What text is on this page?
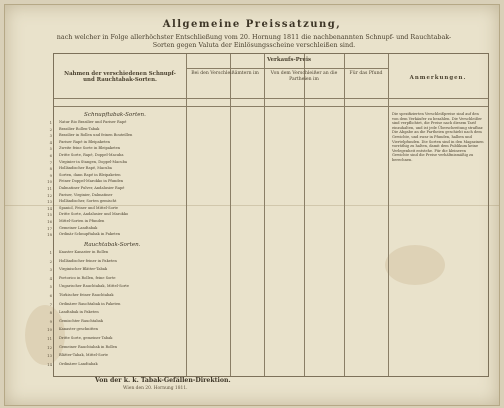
Allgemeine Preissatzung,
nach welcher in Folge allerhöchster Entschließung vom 20. Hornung 1811 die nachbenannten Schnupf- und Rauchtabak-Sorten gegen Valuta der Einlösungsscheine verschleißen sind.
Nahmen der verschiedenen Schnupf- und Rauchtabak-Sorten.
Verkaufs-Preis
Bei den Verschleißämtern im	Von dem Verschleißer an die Partheien im
Für das Pfund
Anmerkungen.
Schnupftabak-Sorten.
1 Natur Rio Brasilier und Pariser Rapé
2 Brasilier Rollen-Tabak
3 Brasilier in Rollen und feinen Bouteillen
4 Pariser Rapé in Bleipaketen
5 Zweite feine Sorte in Bleipaketen
6 Dritte Sorte, Rapé, Doppel-Macuba
7 Virginier in Stangen, Doppel-Macuba
8 Holländischer Rapé, Macuba
9 Sorten, dann Rapé in Bleipaketen
10 Feiner Doppel-Marokko in Pfunden
11 Dalmatiner Pulver, Andalusier Rapé
12 Pariser, Virginier, Dalmatiner
13 Holländischer, Sorten gemischt
14 Spaniol, Feiner und Mittel-Sorte
15 Dritte Sorte, Andalusier und Marokko
16 Mittel-Sorten in Pfunden
17 Gemeiner Landtabak
18 Ordinär Schnupftabak in Paketen
Rauchtabak-Sorten.
1 Knaster Kanaster in Rollen
2 Holländischer feiner in Paketen
3 Virginischer Blätter-Tabak
4 Portorico in Rollen, feine Sorte
5 Ungarischer Rauchtabak, Mittel-Sorte
6 Türkischer feiner Rauchtabak
7 Ordinärer Rauchtabak in Paketen
8 Landtabak in Paketen
9 Gemischter Rauchtabak
10 Kanaster geschnitten
11 Dritte Sorte, gemeiner Tabak
12 Gemeiner Rauchtabak in Rollen
13 Blätter-Tabak, Mittel-Sorte
14 Ordinärer Landtabak
Die spezifizierten Verschleißpreise sind auf den von dem Verkäufer zu bezahlen. Die Verschleißer sind verpflichtet, die Preise nach diesem Tarif einzuhalten, und ist jede Überschreitung strafbar. Die Abgabe an die Partheien geschieht nach dem Gewichte, und zwar in Pfunden, halben und Viertelpfunden. Die Sorten sind in den Magazinen vorräthig zu halten, damit dem Publikum keine Verlegenheit entstehe. Für die kleineren Gewichte sind die Preise verhältnismäßig zu berechnen.
Von der k. k. Tabak-Gefällen-Direktion.
Wien den 20. Hornung 1811.
